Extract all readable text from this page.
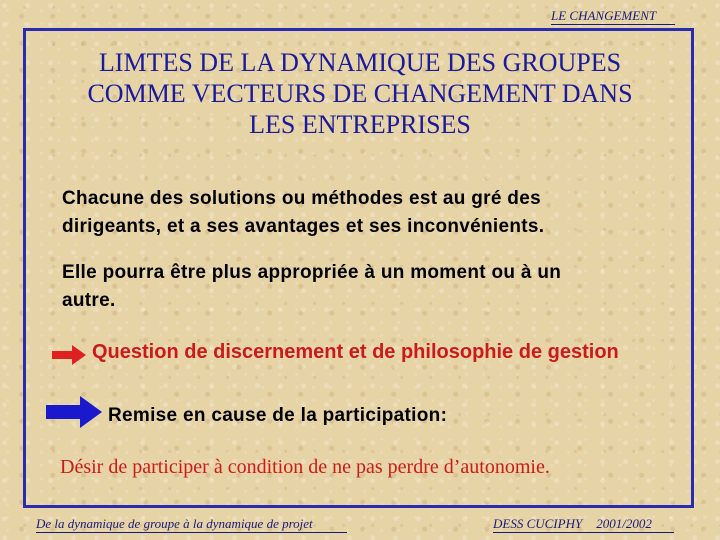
LE CHANGEMENT
LIMTES DE LA DYNAMIQUE DES GROUPES
COMME VECTEURS DE CHANGEMENT DANS
LES ENTREPRISES
Chacune des solutions ou méthodes est au gré des
dirigeants, et a ses avantages et ses inconvénients.
Elle pourra être plus appropriée à un moment ou à un
autre.
Question de discernement et de philosophie de gestion
Remise en cause de la participation:
Désir de participer à condition de ne pas perdre d’autonomie.
De la dynamique de groupe à la dynamique de projet	DESS CUCIPHY 2001/2002
